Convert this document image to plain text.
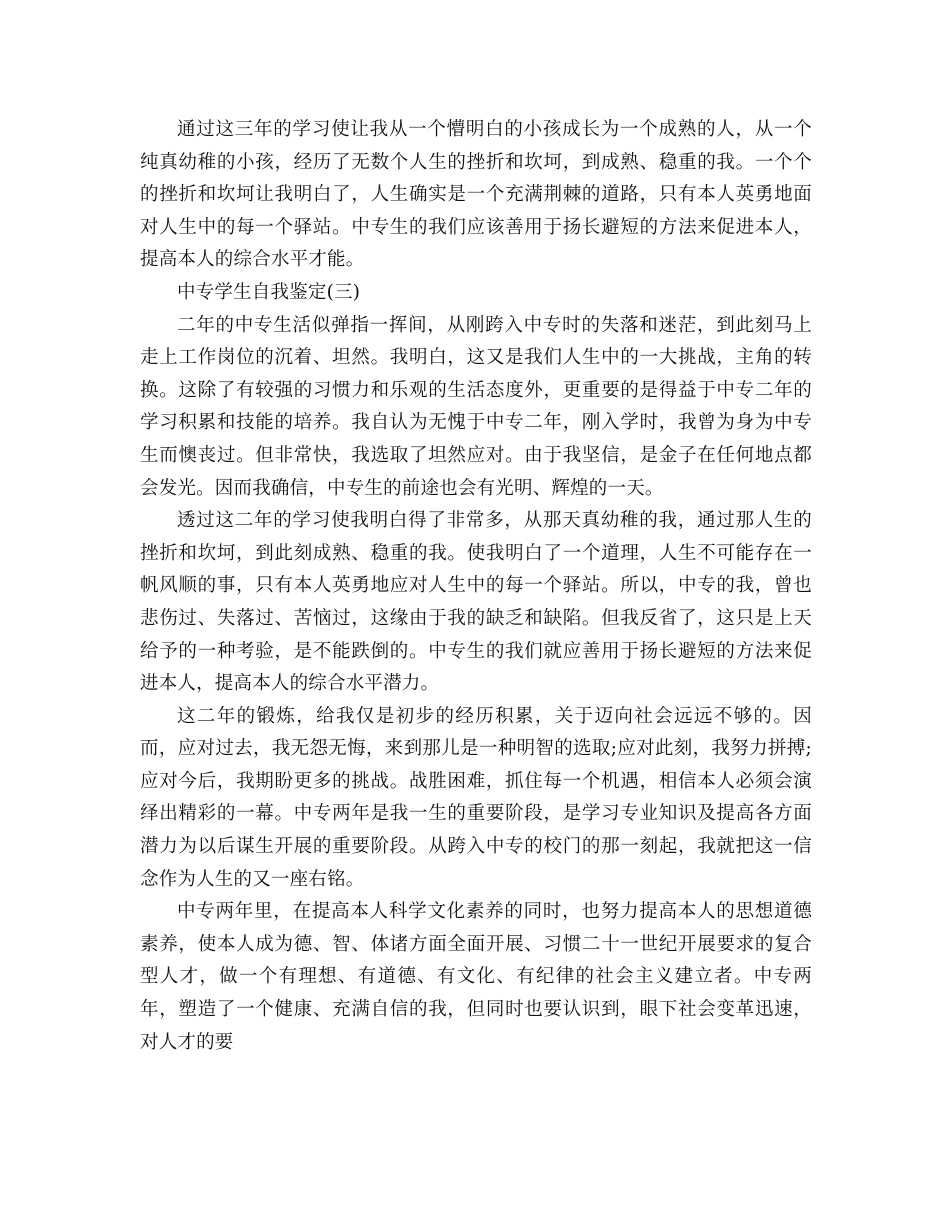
通过这三年的学习使让我从一个懵明白的小孩成长为一个成熟的人，从一个纯真幼稚的小孩，经历了无数个人生的挫折和坎坷，到成熟、稳重的我。一个个的挫折和坎坷让我明白了，人生确实是一个充满荆棘的道路，只有本人英勇地面对人生中的每一个驿站。中专生的我们应该善用于扬长避短的方法来促进本人，提高本人的综合水平才能。

中专学生自我鉴定(三)

二年的中专生活似弹指一挥间，从刚跨入中专时的失落和迷茫，到此刻马上走上工作岗位的沉着、坦然。我明白，这又是我们人生中的一大挑战，主角的转换。这除了有较强的习惯力和乐观的生活态度外，更重要的是得益于中专二年的学习积累和技能的培养。我自认为无愧于中专二年，刚入学时，我曾为身为中专生而懊丧过。但非常快，我选取了坦然应对。由于我坚信，是金子在任何地点都会发光。因而我确信，中专生的前途也会有光明、辉煌的一天。

透过这二年的学习使我明白得了非常多，从那天真幼稚的我，通过那人生的挫折和坎坷，到此刻成熟、稳重的我。使我明白了一个道理，人生不可能存在一帆风顺的事，只有本人英勇地应对人生中的每一个驿站。所以，中专的我，曾也悲伤过、失落过、苦恼过，这缘由于我的缺乏和缺陷。但我反省了，这只是上天给予的一种考验，是不能跌倒的。中专生的我们就应善用于扬长避短的方法来促进本人，提高本人的综合水平潜力。

这二年的锻炼，给我仅是初步的经历积累，关于迈向社会远远不够的。因而，应对过去，我无怨无悔，来到那儿是一种明智的选取;应对此刻，我努力拼搏;应对今后，我期盼更多的挑战。战胜困难，抓住每一个机遇，相信本人必须会演绎出精彩的一幕。中专两年是我一生的重要阶段，是学习专业知识及提高各方面潜力为以后谋生开展的重要阶段。从跨入中专的校门的那一刻起，我就把这一信念作为人生的又一座右铭。

中专两年里，在提高本人科学文化素养的同时，也努力提高本人的思想道德素养，使本人成为德、智、体诸方面全面开展、习惯二十一世纪开展要求的复合型人才，做一个有理想、有道德、有文化、有纪律的社会主义建立者。中专两年，塑造了一个健康、充满自信的我，但同时也要认识到，眼下社会变革迅速，对人才的要
